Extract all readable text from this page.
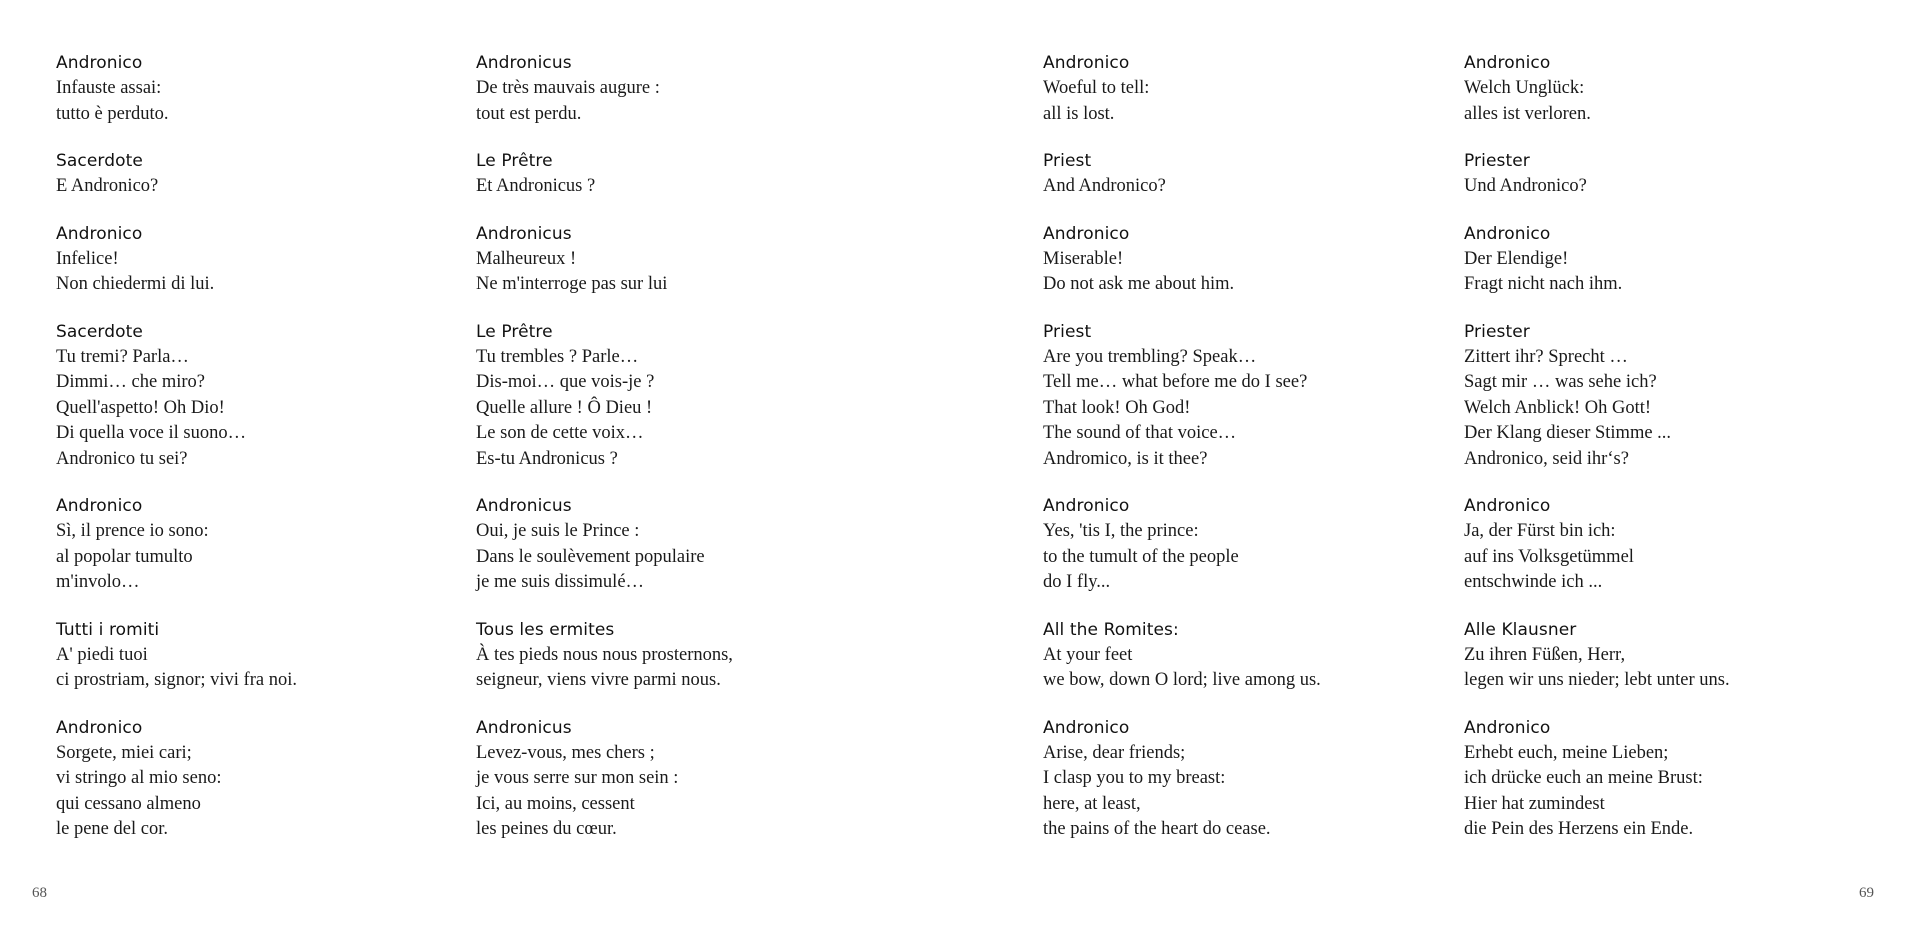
Andronico
Infauste assai:
tutto è perduto.
Sacerdote
E Andronico?
Andronico
Infelice!
Non chiedermi di lui.
Sacerdote
Tu tremi? Parla…
Dimmi… che miro?
Quell'aspetto! Oh Dio!
Di quella voce il suono…
Andronico tu sei?
Andronico
Sì, il prence io sono:
al popolar tumulto
m'involo…
Tutti i romiti
A' piedi tuoi
ci prostriam, signor; vivi fra noi.
Andronico
Sorgete, miei cari;
vi stringo al mio seno:
qui cessano almeno
le pene del cor.
Andronicus
De très mauvais augure :
tout est perdu.
Le Prêtre
Et Andronicus ?
Andronicus
Malheureux !
Ne m'interroge pas sur lui
Le Prêtre
Tu trembles ? Parle…
Dis-moi… que vois-je ?
Quelle allure ! Ô Dieu !
Le son de cette voix…
Es-tu Andronicus ?
Andronicus
Oui, je suis le Prince :
Dans le soulèvement populaire
je me suis dissimulé…
Tous les ermites
À tes pieds nous nous prosternons,
seigneur, viens vivre parmi nous.
Andronicus
Levez-vous, mes chers ;
je vous serre sur mon sein :
Ici, au moins, cessent
les peines du cœur.
Andronico
Woeful to tell:
all is lost.
Priest
And Andronico?
Andronico
Miserable!
Do not ask me about him.
Priest
Are you trembling? Speak…
Tell me… what before me do I see?
That look! Oh God!
The sound of that voice…
Andromico, is it thee?
Andronico
Yes, 'tis I, the prince:
to the tumult of the people
do I fly...
All the Romites:
At your feet
we bow, down O lord; live among us.
Andronico
Arise, dear friends;
I clasp you to my breast:
here, at least,
the pains of the heart do cease.
Andronico
Welch Unglück:
alles ist verloren.
Priester
Und Andronico?
Andronico
Der Elendige!
Fragt nicht nach ihm.
Priester
Zittert ihr? Sprecht …
Sagt mir … was sehe ich?
Welch Anblick! Oh Gott!
Der Klang dieser Stimme ...
Andronico, seid ihr‘s?
Andronico
Ja, der Fürst bin ich:
auf ins Volksgetümmel
entschwinde ich ...
Alle Klausner
Zu ihren Füßen, Herr,
legen wir uns nieder; lebt unter uns.
Andronico
Erhebt euch, meine Lieben;
ich drücke euch an meine Brust:
Hier hat zumindest
die Pein des Herzens ein Ende.
68	69
